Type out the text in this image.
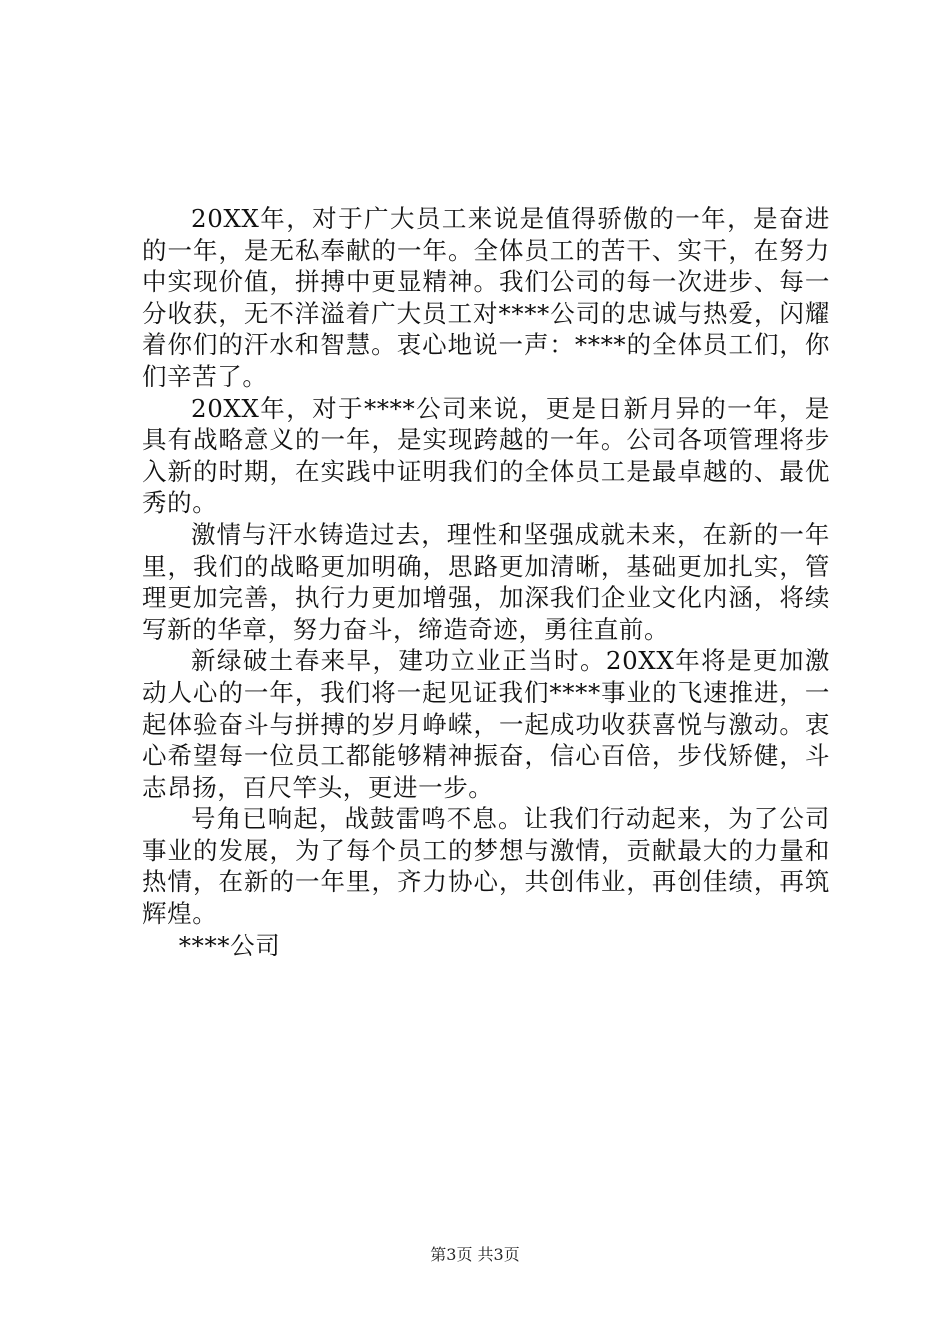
20XX年，对于广大员工来说是值得骄傲的一年，是奋进的一年，是无私奉献的一年。全体员工的苦干、实干，在努力中实现价值，拼搏中更显精神。我们公司的每一次进步、每一分收获，无不洋溢着广大员工对****公司的忠诚与热爱，闪耀着你们的汗水和智慧。衷心地说一声：****的全体员工们，你们辛苦了。

20XX年，对于****公司来说，更是日新月异的一年，是具有战略意义的一年，是实现跨越的一年。公司各项管理将步入新的时期，在实践中证明我们的全体员工是最卓越的、最优秀的。

激情与汗水铸造过去，理性和坚强成就未来，在新的一年里，我们的战略更加明确，思路更加清晰，基础更加扎实，管理更加完善，执行力更加增强，加深我们企业文化内涵，将续写新的华章，努力奋斗，缔造奇迹，勇往直前。

新绿破土春来早，建功立业正当时。20XX年将是更加激动人心的一年，我们将一起见证我们****事业的飞速推进，一起体验奋斗与拼搏的岁月峥嵘，一起成功收获喜悦与激动。衷心希望每一位员工都能够精神振奋，信心百倍，步伐矫健，斗志昂扬，百尺竿头，更进一步。

号角已响起，战鼓雷鸣不息。让我们行动起来，为了公司事业的发展，为了每个员工的梦想与激情，贡献最大的力量和热情，在新的一年里，齐力协心，共创伟业，再创佳绩，再筑辉煌。

****公司

第3页 共3页
